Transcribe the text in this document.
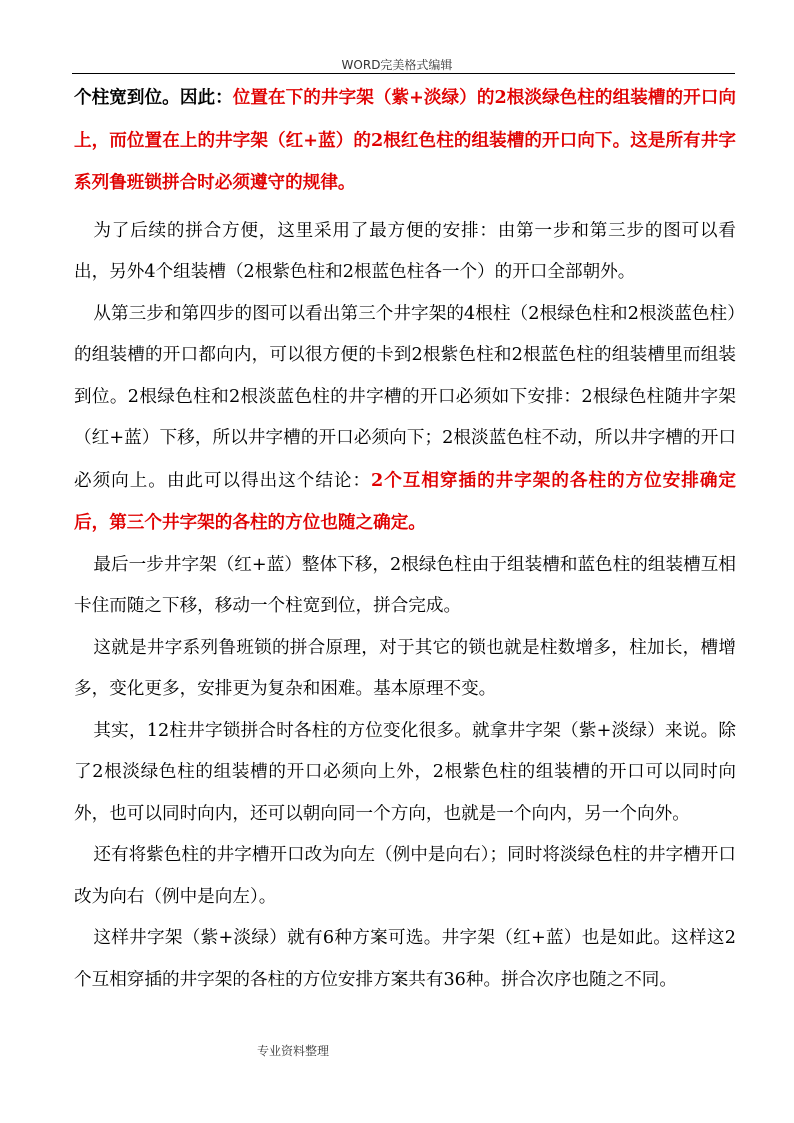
WORD完美格式编辑

个柱宽到位。因此：位置在下的井字架（紫+淡绿）的2根淡绿色柱的组装槽的开口向上，而位置在上的井字架（红+蓝）的2根红色柱的组装槽的开口向下。这是所有井字系列鲁班锁拼合时必须遵守的规律。

为了后续的拼合方便，这里采用了最方便的安排：由第一步和第三步的图可以看出，另外4个组装槽（2根紫色柱和2根蓝色柱各一个）的开口全部朝外。

从第三步和第四步的图可以看出第三个井字架的4根柱（2根绿色柱和2根淡蓝色柱）的组装槽的开口都向内，可以很方便的卡到2根紫色柱和2根蓝色柱的组装槽里而组装到位。2根绿色柱和2根淡蓝色柱的井字槽的开口必须如下安排：2根绿色柱随井字架（红+蓝）下移，所以井字槽的开口必须向下；2根淡蓝色柱不动，所以井字槽的开口必须向上。由此可以得出这个结论：2个互相穿插的井字架的各柱的方位安排确定后，第三个井字架的各柱的方位也随之确定。

最后一步井字架（红+蓝）整体下移，2根绿色柱由于组装槽和蓝色柱的组装槽互相卡住而随之下移，移动一个柱宽到位，拼合完成。

这就是井字系列鲁班锁的拼合原理，对于其它的锁也就是柱数增多，柱加长，槽增多，变化更多，安排更为复杂和困难。基本原理不变。

其实，12柱井字锁拼合时各柱的方位变化很多。就拿井字架（紫+淡绿）来说。除了2根淡绿色柱的组装槽的开口必须向上外，2根紫色柱的组装槽的开口可以同时向外，也可以同时向内，还可以朝向同一个方向，也就是一个向内，另一个向外。

还有将紫色柱的井字槽开口改为向左（例中是向右）；同时将淡绿色柱的井字槽开口改为向右（例中是向左）。

这样井字架（紫+淡绿）就有6种方案可选。井字架（红+蓝）也是如此。这样这2个互相穿插的井字架的各柱的方位安排方案共有36种。拼合次序也随之不同。

专业资料整理
